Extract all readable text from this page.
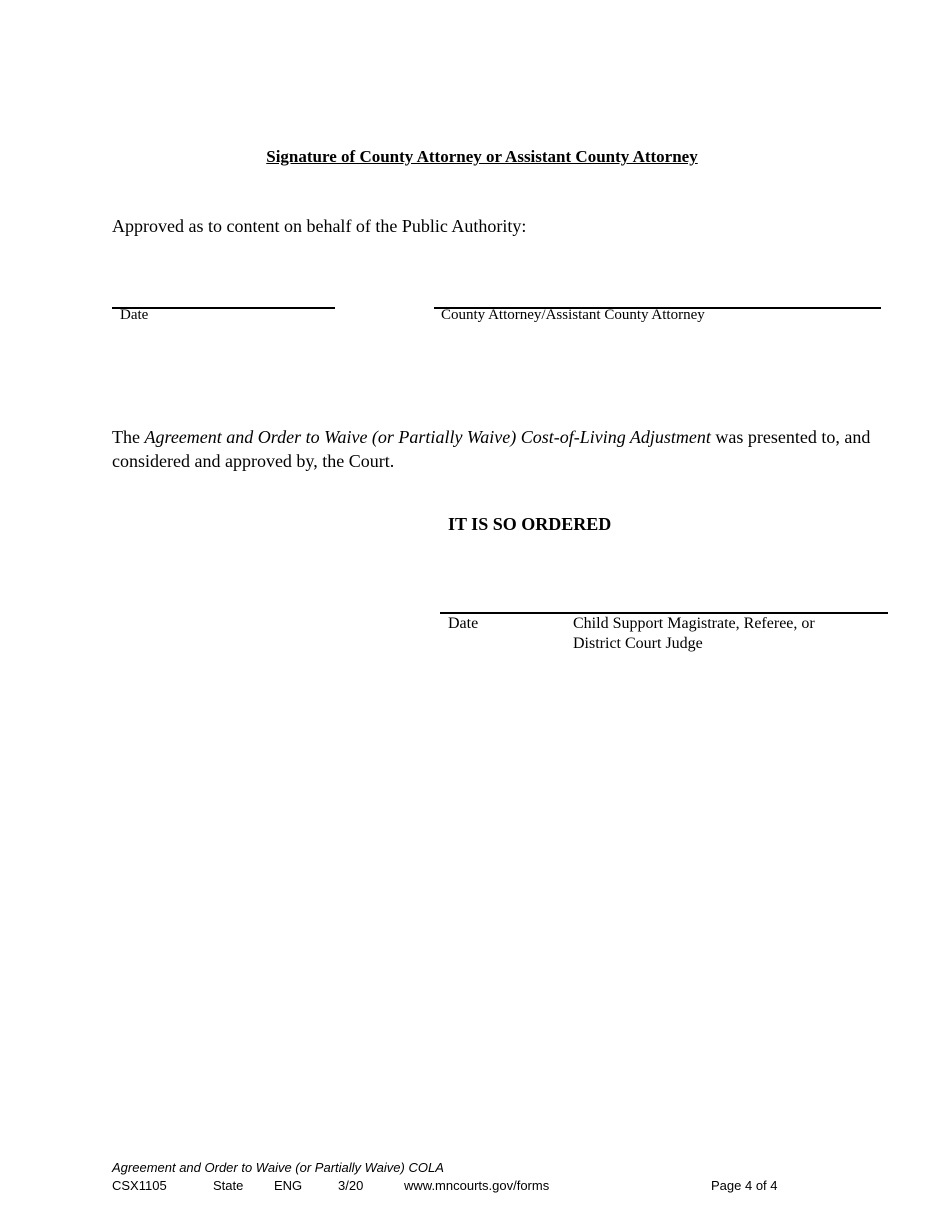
Signature of County Attorney or Assistant County Attorney
Approved as to content on behalf of the Public Authority:
Date	County Attorney/Assistant County Attorney
The Agreement and Order to Waive (or Partially Waive) Cost-of-Living Adjustment was presented to, and considered and approved by, the Court.
IT IS SO ORDERED
Date	Child Support Magistrate, Referee, or
District Court Judge
Agreement and Order to Waive (or Partially Waive) COLA
CSX1105	State ENG	3/20	www.mncourts.gov/forms	Page 4 of 4
